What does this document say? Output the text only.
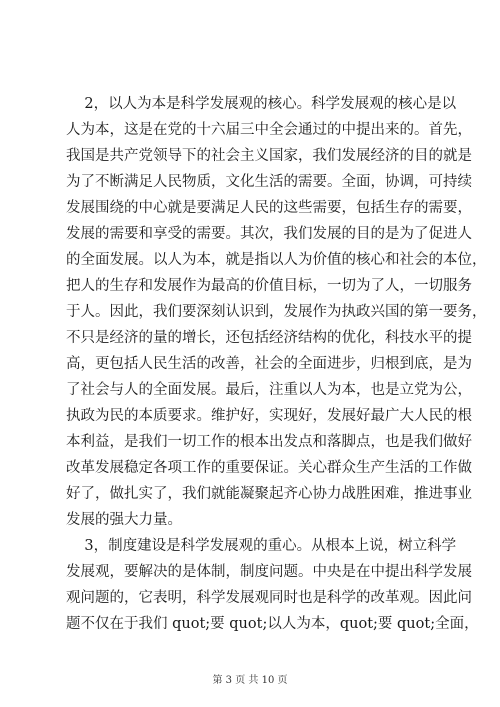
2，以人为本是科学发展观的核心。科学发展观的核心是以
人为本，这是在党的十六届三中全会通过的中提出来的。首先，
我国是共产党领导下的社会主义国家，我们发展经济的目的就是
为了不断满足人民物质，文化生活的需要。全面，协调，可持续
发展围绕的中心就是要满足人民的这些需要，包括生存的需要，
发展的需要和享受的需要。其次，我们发展的目的是为了促进人
的全面发展。以人为本，就是指以人为价值的核心和社会的本位，
把人的生存和发展作为最高的价值目标，一切为了人，一切服务
于人。因此，我们要深刻认识到，发展作为执政兴国的第一要务，
不只是经济的量的增长，还包括经济结构的优化，科技水平的提
高，更包括人民生活的改善，社会的全面进步，归根到底，是为
了社会与人的全面发展。最后，注重以人为本，也是立党为公，
执政为民的本质要求。维护好，实现好，发展好最广大人民的根
本利益，是我们一切工作的根本出发点和落脚点，也是我们做好
改革发展稳定各项工作的重要保证。关心群众生产生活的工作做
好了，做扎实了，我们就能凝聚起齐心协力战胜困难，推进事业
发展的强大力量。
3，制度建设是科学发展观的重心。从根本上说，树立科学
发展观，要解决的是体制，制度问题。中央是在中提出科学发展
观问题的，它表明，科学发展观同时也是科学的改革观。因此问
题不仅在于我们 quot;要 quot;以人为本，quot;要 quot;全面，
第 3 页 共 10 页
